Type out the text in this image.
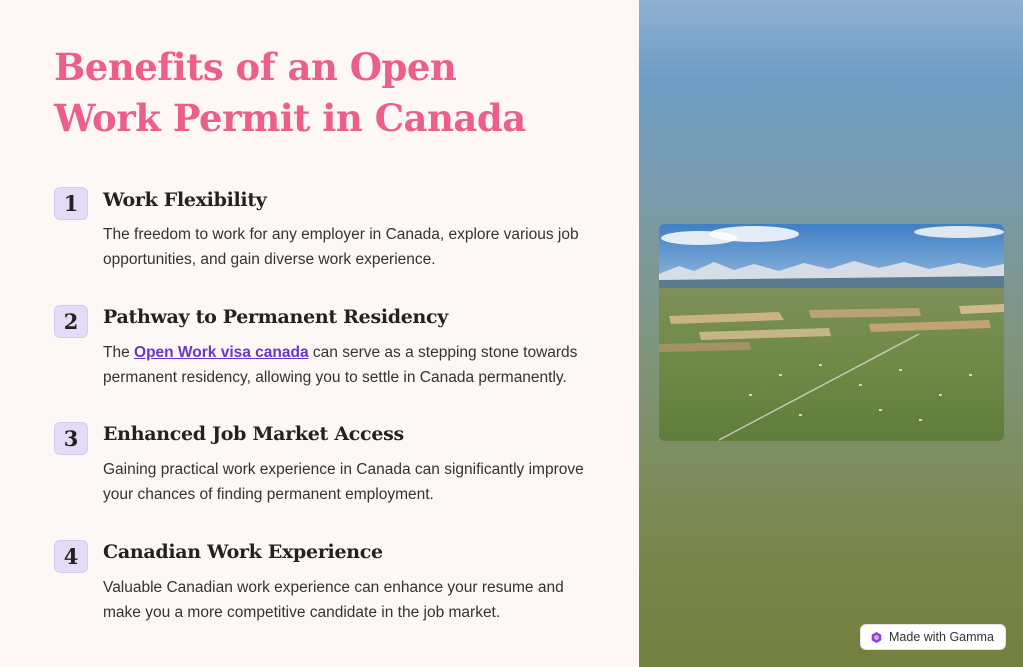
Benefits of an Open Work Permit in Canada
1	Work Flexibility
The freedom to work for any employer in Canada, explore various job opportunities, and gain diverse work experience.
2	Pathway to Permanent Residency
The Open Work visa canada can serve as a stepping stone towards permanent residency, allowing you to settle in Canada permanently.
3	Enhanced Job Market Access
Gaining practical work experience in Canada can significantly improve your chances of finding permanent employment.
4	Canadian Work Experience
Valuable Canadian work experience can enhance your resume and make you a more competitive candidate in the job market.
Made with Gamma
